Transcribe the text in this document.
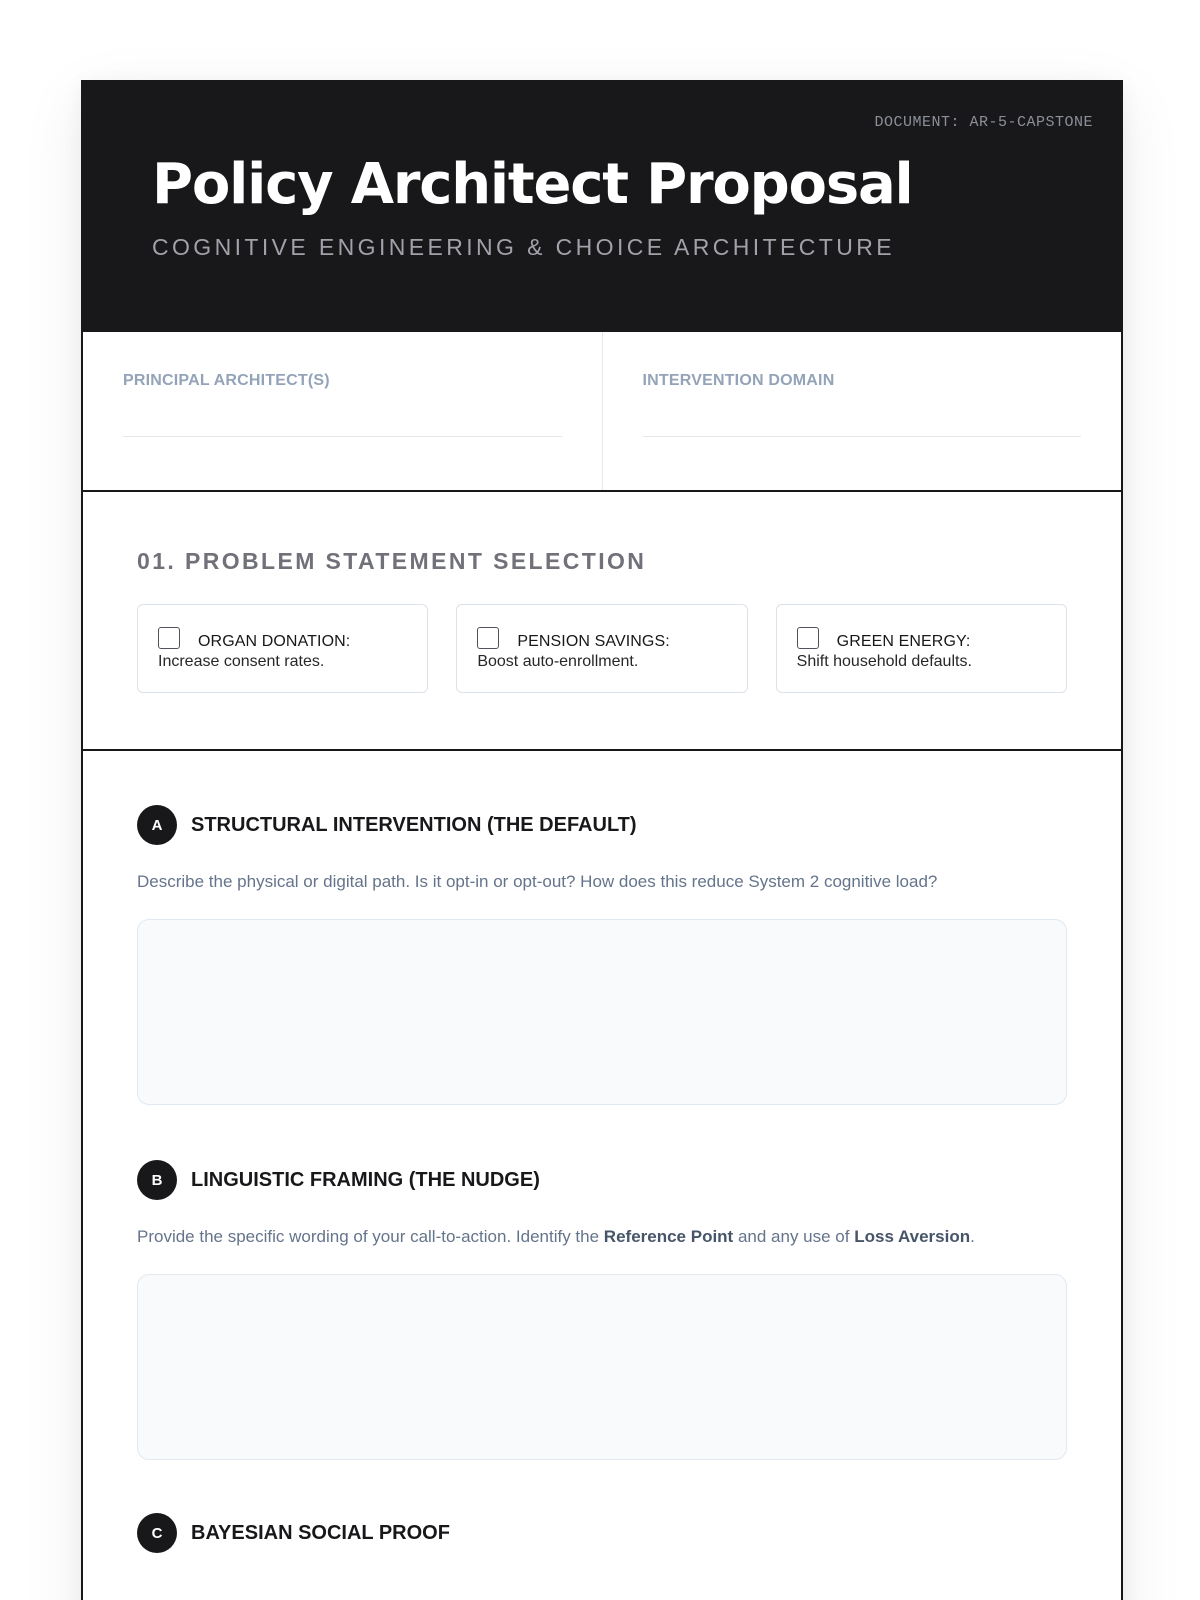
DOCUMENT: AR-5-CAPSTONE
Policy Architect Proposal
COGNITIVE ENGINEERING & CHOICE ARCHITECTURE
PRINCIPAL ARCHITECT(S)	INTERVENTION DOMAIN
01. PROBLEM STATEMENT SELECTION
ORGAN DONATION:
Increase consent rates.
PENSION SAVINGS:
Boost auto-enrollment.
GREEN ENERGY:
Shift household defaults.
A	STRUCTURAL INTERVENTION (THE DEFAULT)

Describe the physical or digital path. Is it opt-in or opt-out? How does this reduce System 2 cognitive load?

B	LINGUISTIC FRAMING (THE NUDGE)

Provide the specific wording of your call-to-action. Identify the Reference Point and any use of Loss Aversion.

C	BAYESIAN SOCIAL PROOF
